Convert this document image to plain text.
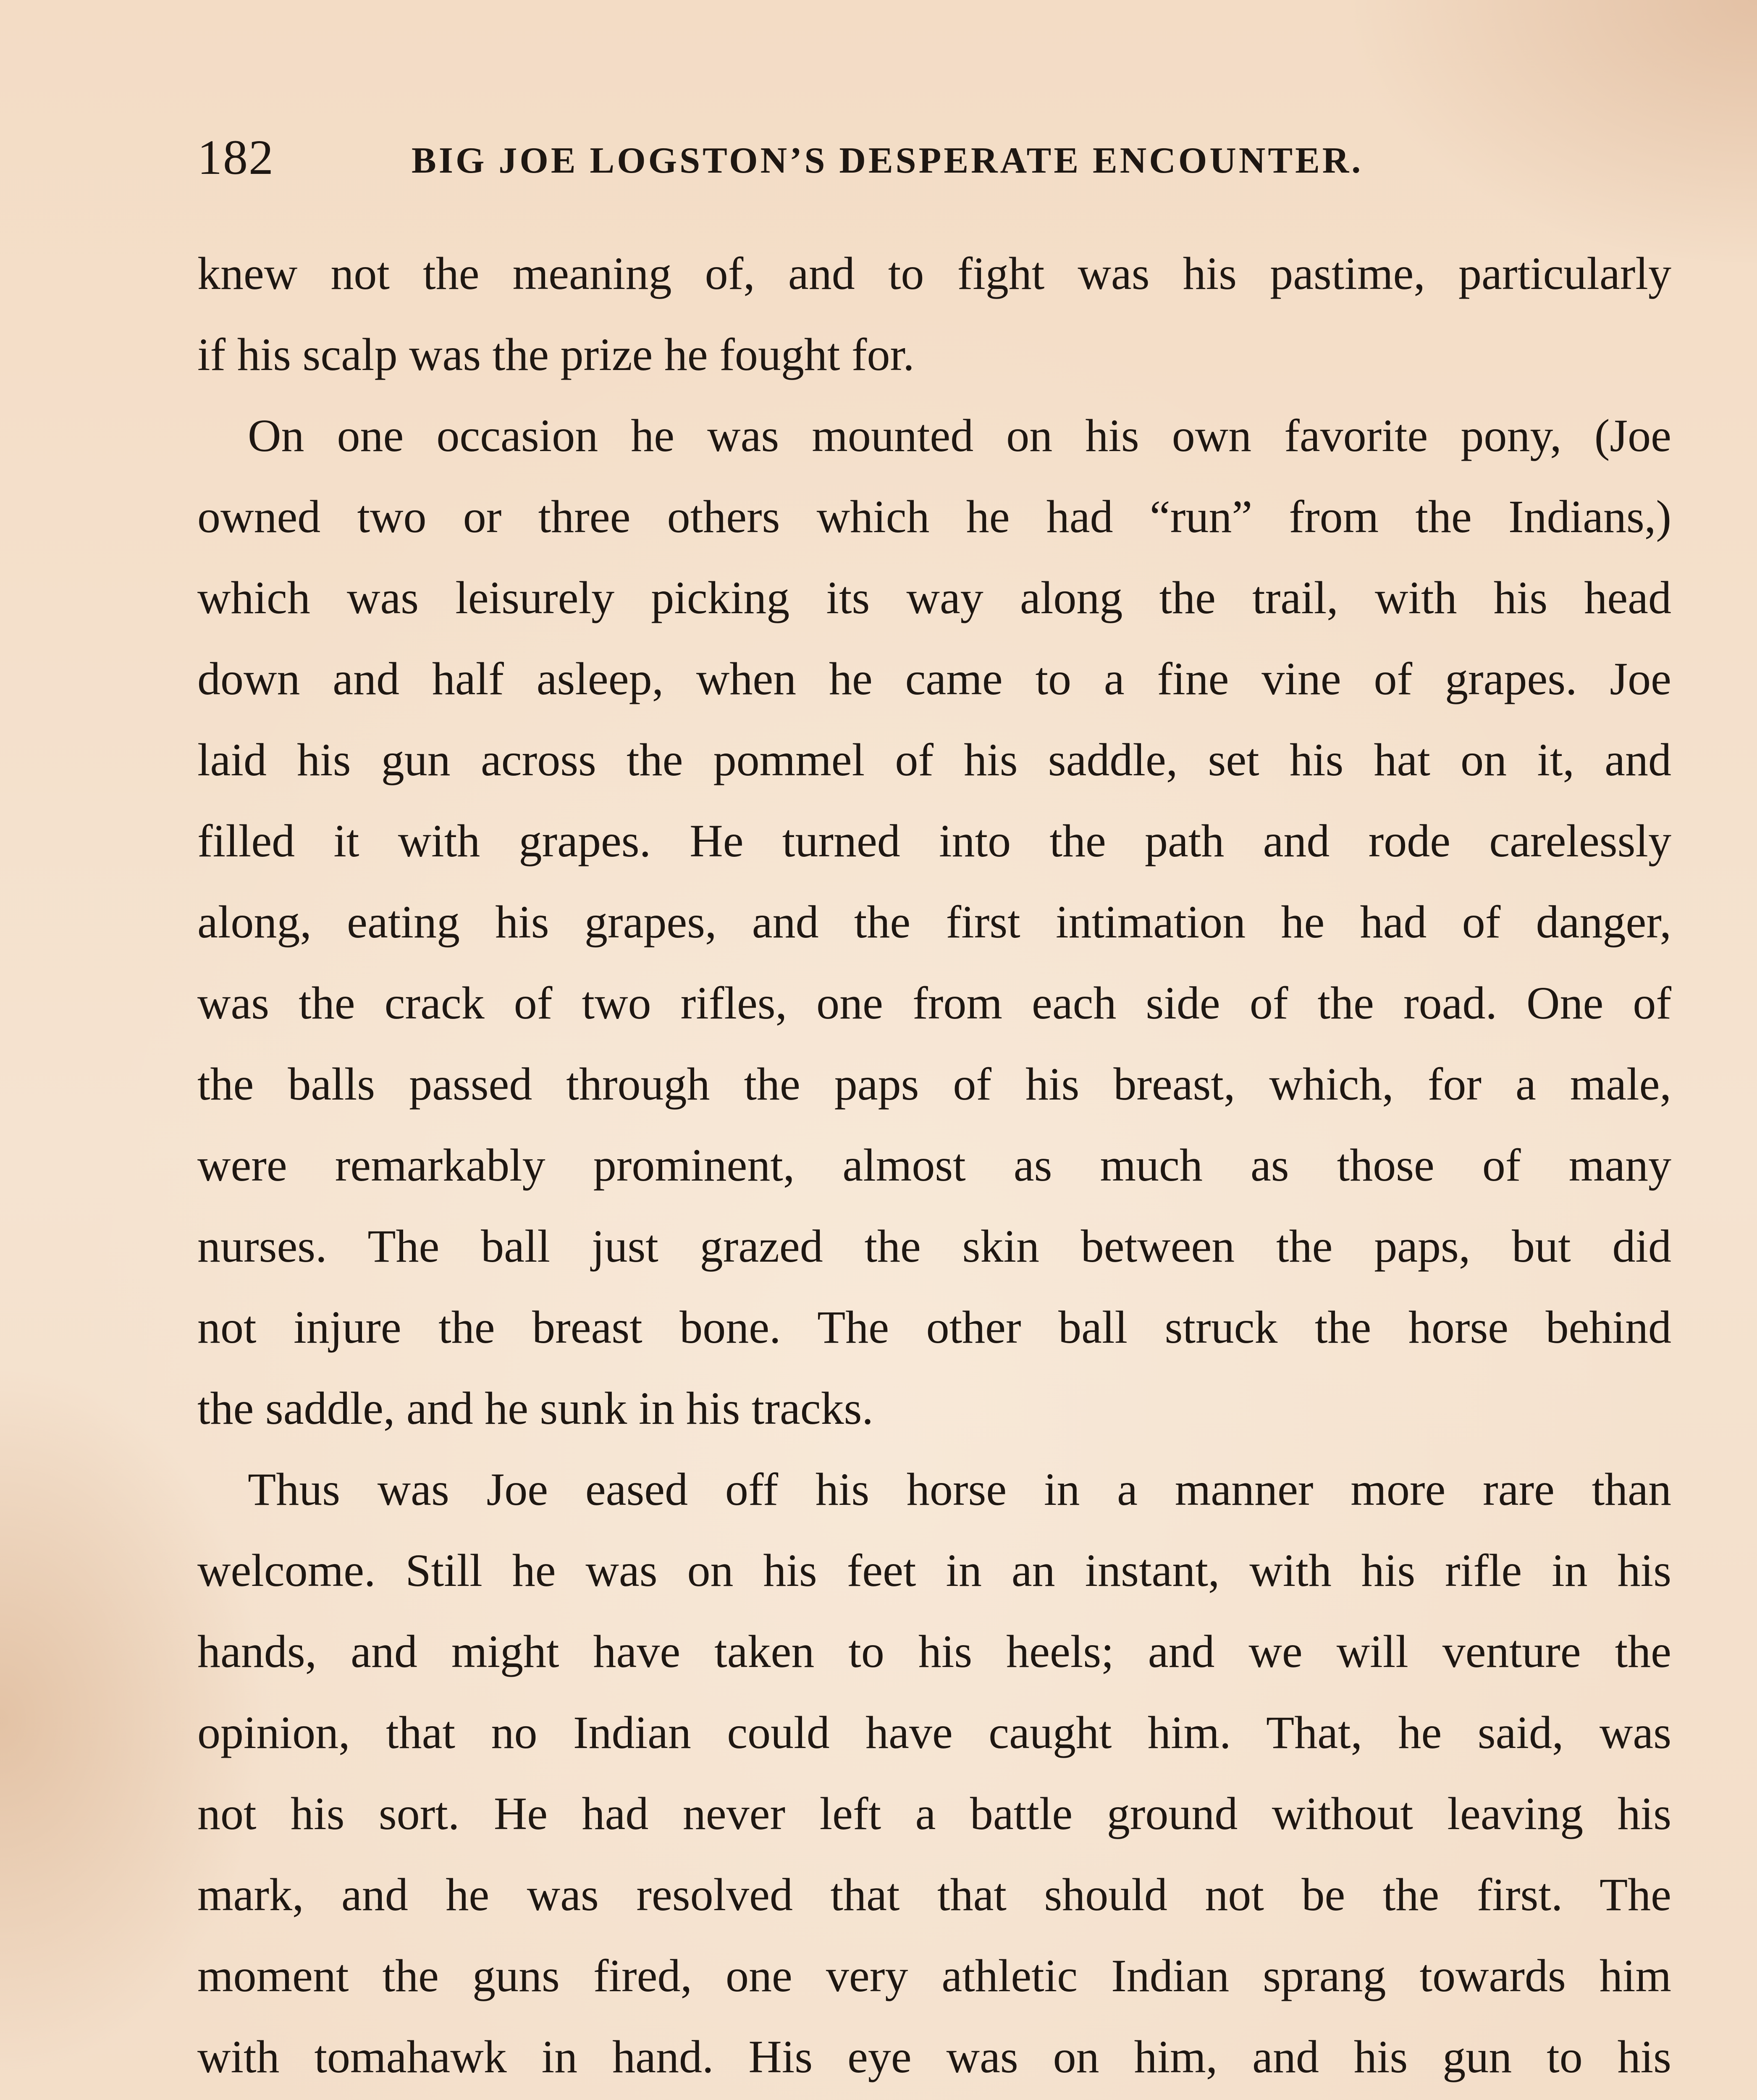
182	BIG JOE LOGSTON’S DESPERATE ENCOUNTER.
knew not the meaning of, and to fight was his pastime, particularly
if his scalp was the prize he fought for.
On one occasion he was mounted on his own favorite pony, (Joe
owned two or three others which he had “run” from the Indians,)
which was leisurely picking its way along the trail, with his head
down and half asleep, when he came to a fine vine of grapes. Joe
laid his gun across the pommel of his saddle, set his hat on it, and
filled it with grapes. He turned into the path and rode carelessly
along, eating his grapes, and the first intimation he had of danger,
was the crack of two rifles, one from each side of the road. One of
the balls passed through the paps of his breast, which, for a male,
were remarkably prominent, almost as much as those of many
nurses. The ball just grazed the skin between the paps, but did
not injure the breast bone. The other ball struck the horse behind
the saddle, and he sunk in his tracks.
Thus was Joe eased off his horse in a manner more rare than
welcome. Still he was on his feet in an instant, with his rifle in his
hands, and might have taken to his heels; and we will venture the
opinion, that no Indian could have caught him. That, he said, was
not his sort. He had never left a battle ground without leaving his
mark, and he was resolved that that should not be the first. The
moment the guns fired, one very athletic Indian sprang towards him
with tomahawk in hand. His eye was on him, and his gun to his
